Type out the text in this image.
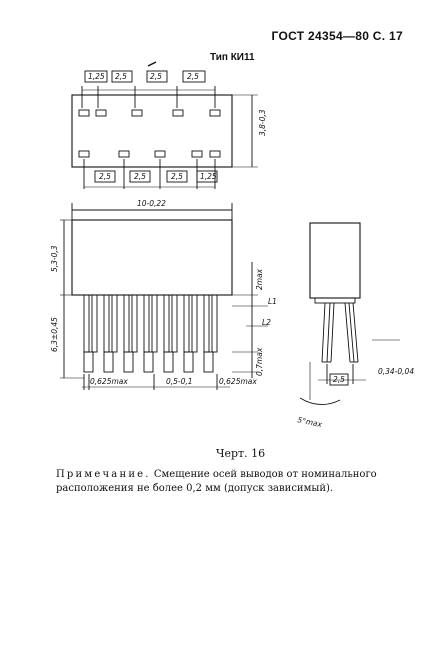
ГОСТ 24354—80 С. 17
Тип КИ11
1,25 2,5	2,5	2,5
2,5	2,5	2,5 1,25
3,8-0,3
10-0,22
5,3-0,3
6,3±0,45
2max
0,7max
L1
L2
0,625max	0,5-0,1	0,625max	2,5
0,34-0,04
5°max
Черт. 16
Примечание. Смещение осей выводов от номинального расположения не более 0,2 мм (допуск зависимый).
